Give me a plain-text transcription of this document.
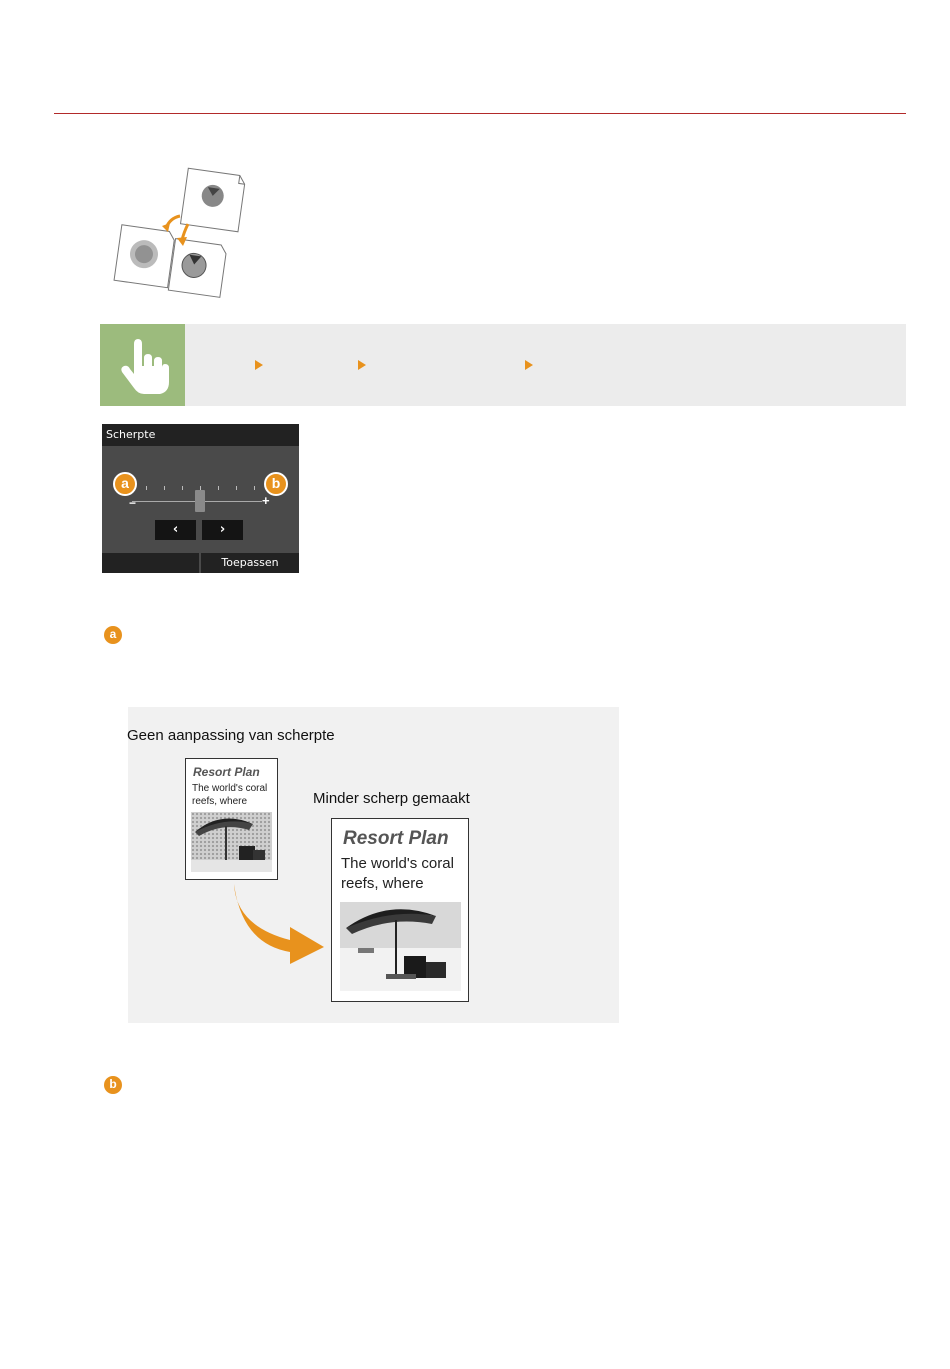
Scherpte
−	+
‹	›
Toepassen
a	b
a
Geen aanpassing van scherpte
Minder scherp gemaakt
Resort Plan
The world's coral
reefs, where
Resort Plan
The world's coral
reefs, where
b
